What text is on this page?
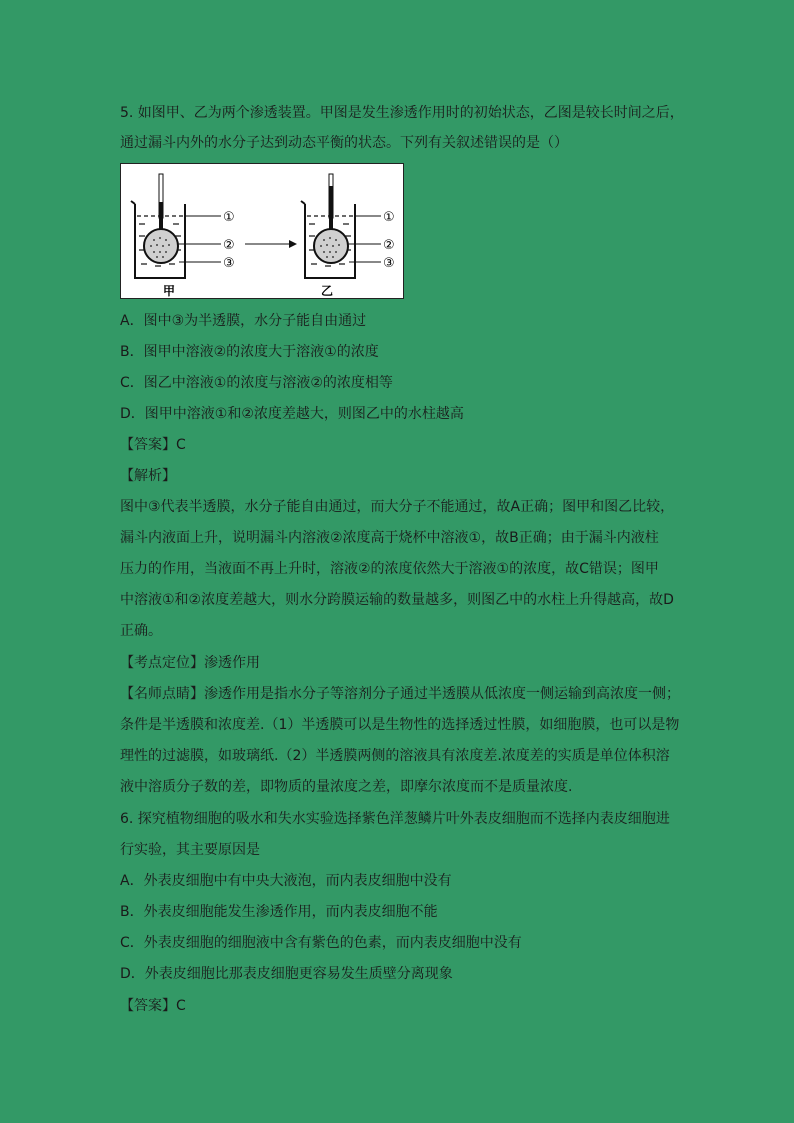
5. 如图甲、乙为两个渗透装置。甲图是发生渗透作用时的初始状态，乙图是较长时间之后，
通过漏斗内外的水分子达到动态平衡的状态。下列有关叙述错误的是（）
①
②
③
①
②
③
甲	乙
A．图中③为半透膜，水分子能自由通过
B．图甲中溶液②的浓度大于溶液①的浓度
C．图乙中溶液①的浓度与溶液②的浓度相等
D．图甲中溶液①和②浓度差越大，则图乙中的水柱越高
【答案】C
【解析】
图中③代表半透膜，水分子能自由通过，而大分子不能通过，故A正确；图甲和图乙比较，
漏斗内液面上升，说明漏斗内溶液②浓度高于烧杯中溶液①，故B正确；由于漏斗内液柱
压力的作用，当液面不再上升时，溶液②的浓度依然大于溶液①的浓度，故C错误；图甲
中溶液①和②浓度差越大，则水分跨膜运输的数量越多，则图乙中的水柱上升得越高，故D
正确。
【考点定位】渗透作用
【名师点睛】渗透作用是指水分子等溶剂分子通过半透膜从低浓度一侧运输到高浓度一侧；
条件是半透膜和浓度差.（1）半透膜可以是生物性的选择透过性膜，如细胞膜，也可以是物
理性的过滤膜，如玻璃纸.（2）半透膜两侧的溶液具有浓度差.浓度差的实质是单位体积溶
液中溶质分子数的差，即物质的量浓度之差，即摩尔浓度而不是质量浓度.
6. 探究植物细胞的吸水和失水实验选择紫色洋葱鳞片叶外表皮细胞而不选择内表皮细胞进
行实验，其主要原因是
A．外表皮细胞中有中央大液泡，而内表皮细胞中没有
B．外表皮细胞能发生渗透作用，而内表皮细胞不能
C．外表皮细胞的细胞液中含有紫色的色素，而内表皮细胞中没有
D．外表皮细胞比那表皮细胞更容易发生质壁分离现象
【答案】C
